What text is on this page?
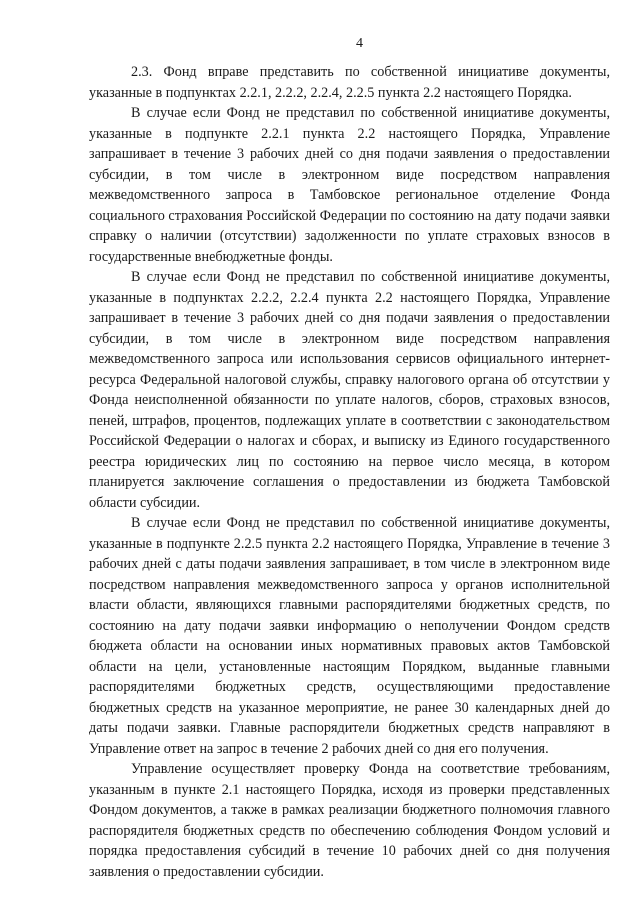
4

2.3. Фонд вправе представить по собственной инициативе документы, указанные в подпунктах 2.2.1, 2.2.2, 2.2.4, 2.2.5 пункта 2.2 настоящего Порядка.

В случае если Фонд не представил по собственной инициативе документы, указанные в подпункте 2.2.1 пункта 2.2 настоящего Порядка, Управление запрашивает в течение 3 рабочих дней со дня подачи заявления о предоставлении субсидии, в том числе в электронном виде посредством направления межведомственного запроса в Тамбовское региональное отделение Фонда социального страхования Российской Федерации по состоянию на дату подачи заявки справку о наличии (отсутствии) задолженности по уплате страховых взносов в государственные внебюджетные фонды.

В случае если Фонд не представил по собственной инициативе документы, указанные в подпунктах 2.2.2, 2.2.4 пункта 2.2 настоящего Порядка, Управление запрашивает в течение 3 рабочих дней со дня подачи заявления о предоставлении субсидии, в том числе в электронном виде посредством направления межведомственного запроса или использования сервисов официального интернет-ресурса Федеральной налоговой службы, справку налогового органа об отсутствии у Фонда неисполненной обязанности по уплате налогов, сборов, страховых взносов, пеней, штрафов, процентов, подлежащих уплате в соответствии с законодательством Российской Федерации о налогах и сборах, и выписку из Единого государственного реестра юридических лиц по состоянию на первое число месяца, в котором планируется заключение соглашения о предоставлении из бюджета Тамбовской области субсидии.

В случае если Фонд не представил по собственной инициативе документы, указанные в подпункте 2.2.5 пункта 2.2 настоящего Порядка, Управление в течение 3 рабочих дней с даты подачи заявления запрашивает, в том числе в электронном виде посредством направления межведомственного запроса у органов исполнительной власти области, являющихся главными распорядителями бюджетных средств, по состоянию на дату подачи заявки информацию о неполучении Фондом средств бюджета области на основании иных нормативных правовых актов Тамбовской области на цели, установленные настоящим Порядком, выданные главными распорядителями бюджетных средств, осуществляющими предоставление бюджетных средств на указанное мероприятие, не ранее 30 календарных дней до даты подачи заявки. Главные распорядители бюджетных средств направляют в Управление ответ на запрос в течение 2 рабочих дней со дня его получения.

Управление осуществляет проверку Фонда на соответствие требованиям, указанным в пункте 2.1 настоящего Порядка, исходя из проверки представленных Фондом документов, а также в рамках реализации бюджетного полномочия главного распорядителя бюджетных средств по обеспечению соблюдения Фондом условий и порядка предоставления субсидий в течение 10 рабочих дней со дня получения заявления о предоставлении субсидии.
